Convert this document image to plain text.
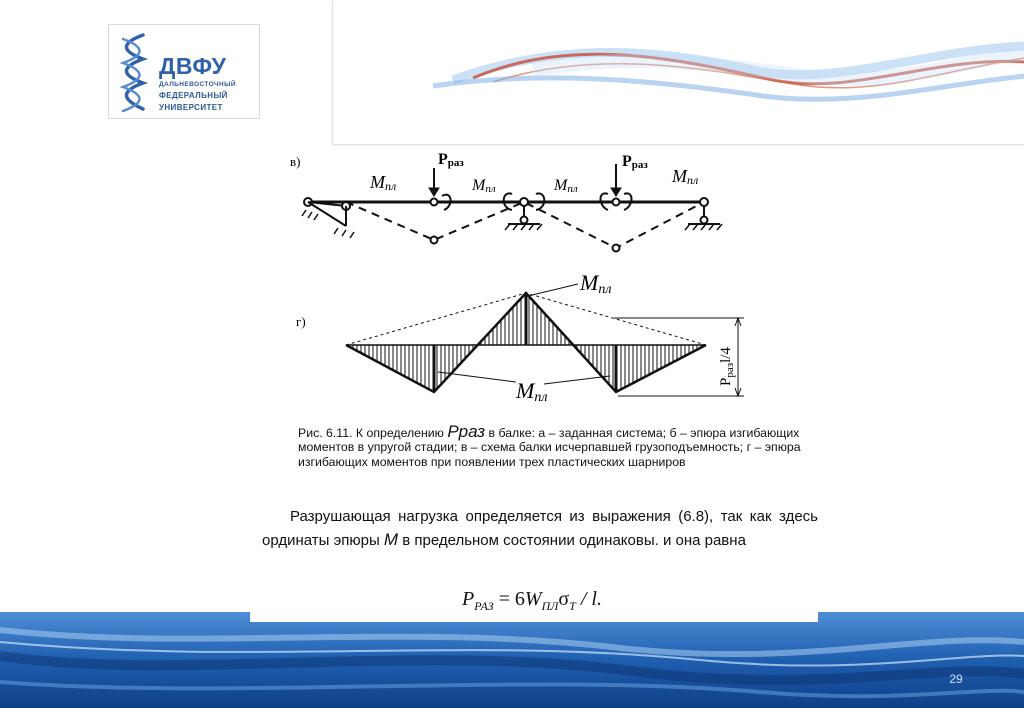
ДВФУ
ДАЛЬНЕВОСТОЧНЫЙ
ФЕДЕРАЛЬНЫЙ
УНИВЕРСИТЕТ
в)	Pраз	Pраз
Mпл	Mпл	Mпл
Mпл
г)
Mпл
Mпл
$P_{раз}l/4$
Рис. 6.11. К определению Pраз в балке: а – заданная система; б – эпюра изгибающих моментов в упругой стадии; в – схема балки исчерпавшей грузоподъемность; г – эпюра изгибающих моментов при появлении трех пластических шарниров
Разрушающая нагрузка определяется из выражения (6.8), так как здесь ординаты эпюры M в предельном состоянии одинаковы. и она равна
$P_{РАЗ} = 6W_{ПЛ}\sigma_T / l$.
29
